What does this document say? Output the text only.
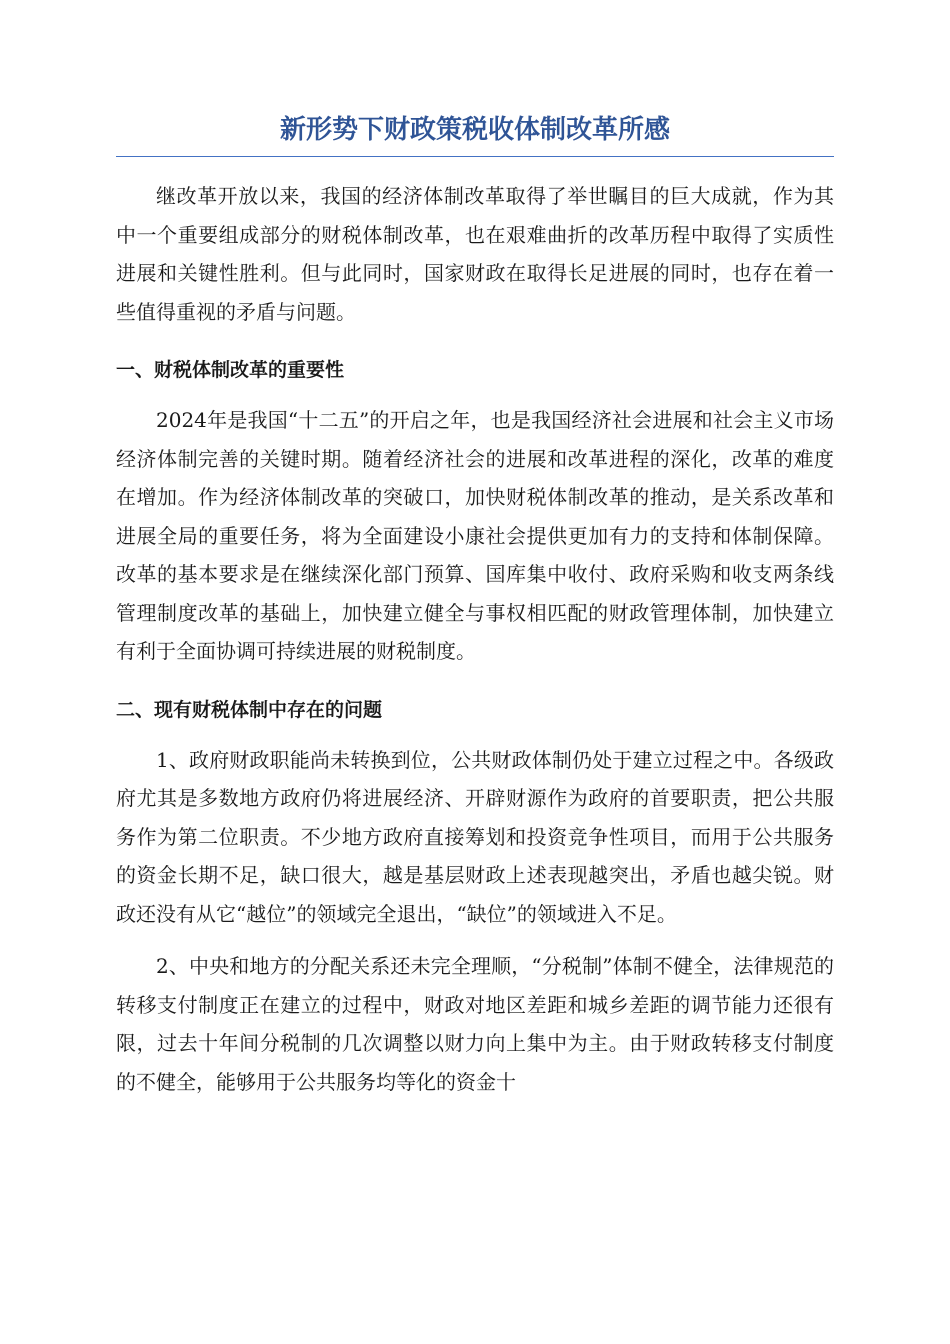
新形势下财政策税收体制改革所感

继改革开放以来，我国的经济体制改革取得了举世瞩目的巨大成就，作为其中一个重要组成部分的财税体制改革，也在艰难曲折的改革历程中取得了实质性进展和关键性胜利。但与此同时，国家财政在取得长足进展的同时，也存在着一些值得重视的矛盾与问题。

一、财税体制改革的重要性

2024年是我国“十二五”的开启之年，也是我国经济社会进展和社会主义市场经济体制完善的关键时期。随着经济社会的进展和改革进程的深化，改革的难度在增加。作为经济体制改革的突破口，加快财税体制改革的推动，是关系改革和进展全局的重要任务，将为全面建设小康社会提供更加有力的支持和体制保障。改革的基本要求是在继续深化部门预算、国库集中收付、政府采购和收支两条线管理制度改革的基础上，加快建立健全与事权相匹配的财政管理体制，加快建立有利于全面协调可持续进展的财税制度。

二、现有财税体制中存在的问题

1、政府财政职能尚未转换到位，公共财政体制仍处于建立过程之中。各级政府尤其是多数地方政府仍将进展经济、开辟财源作为政府的首要职责，把公共服务作为第二位职责。不少地方政府直接筹划和投资竞争性项目，而用于公共服务的资金长期不足，缺口很大，越是基层财政上述表现越突出，矛盾也越尖锐。财政还没有从它“越位”的领域完全退出，“缺位”的领域进入不足。

2、中央和地方的分配关系还未完全理顺，“分税制”体制不健全，法律规范的转移支付制度正在建立的过程中，财政对地区差距和城乡差距的调节能力还很有限，过去十年间分税制的几次调整以财力向上集中为主。由于财政转移支付制度的不健全，能够用于公共服务均等化的资金十
